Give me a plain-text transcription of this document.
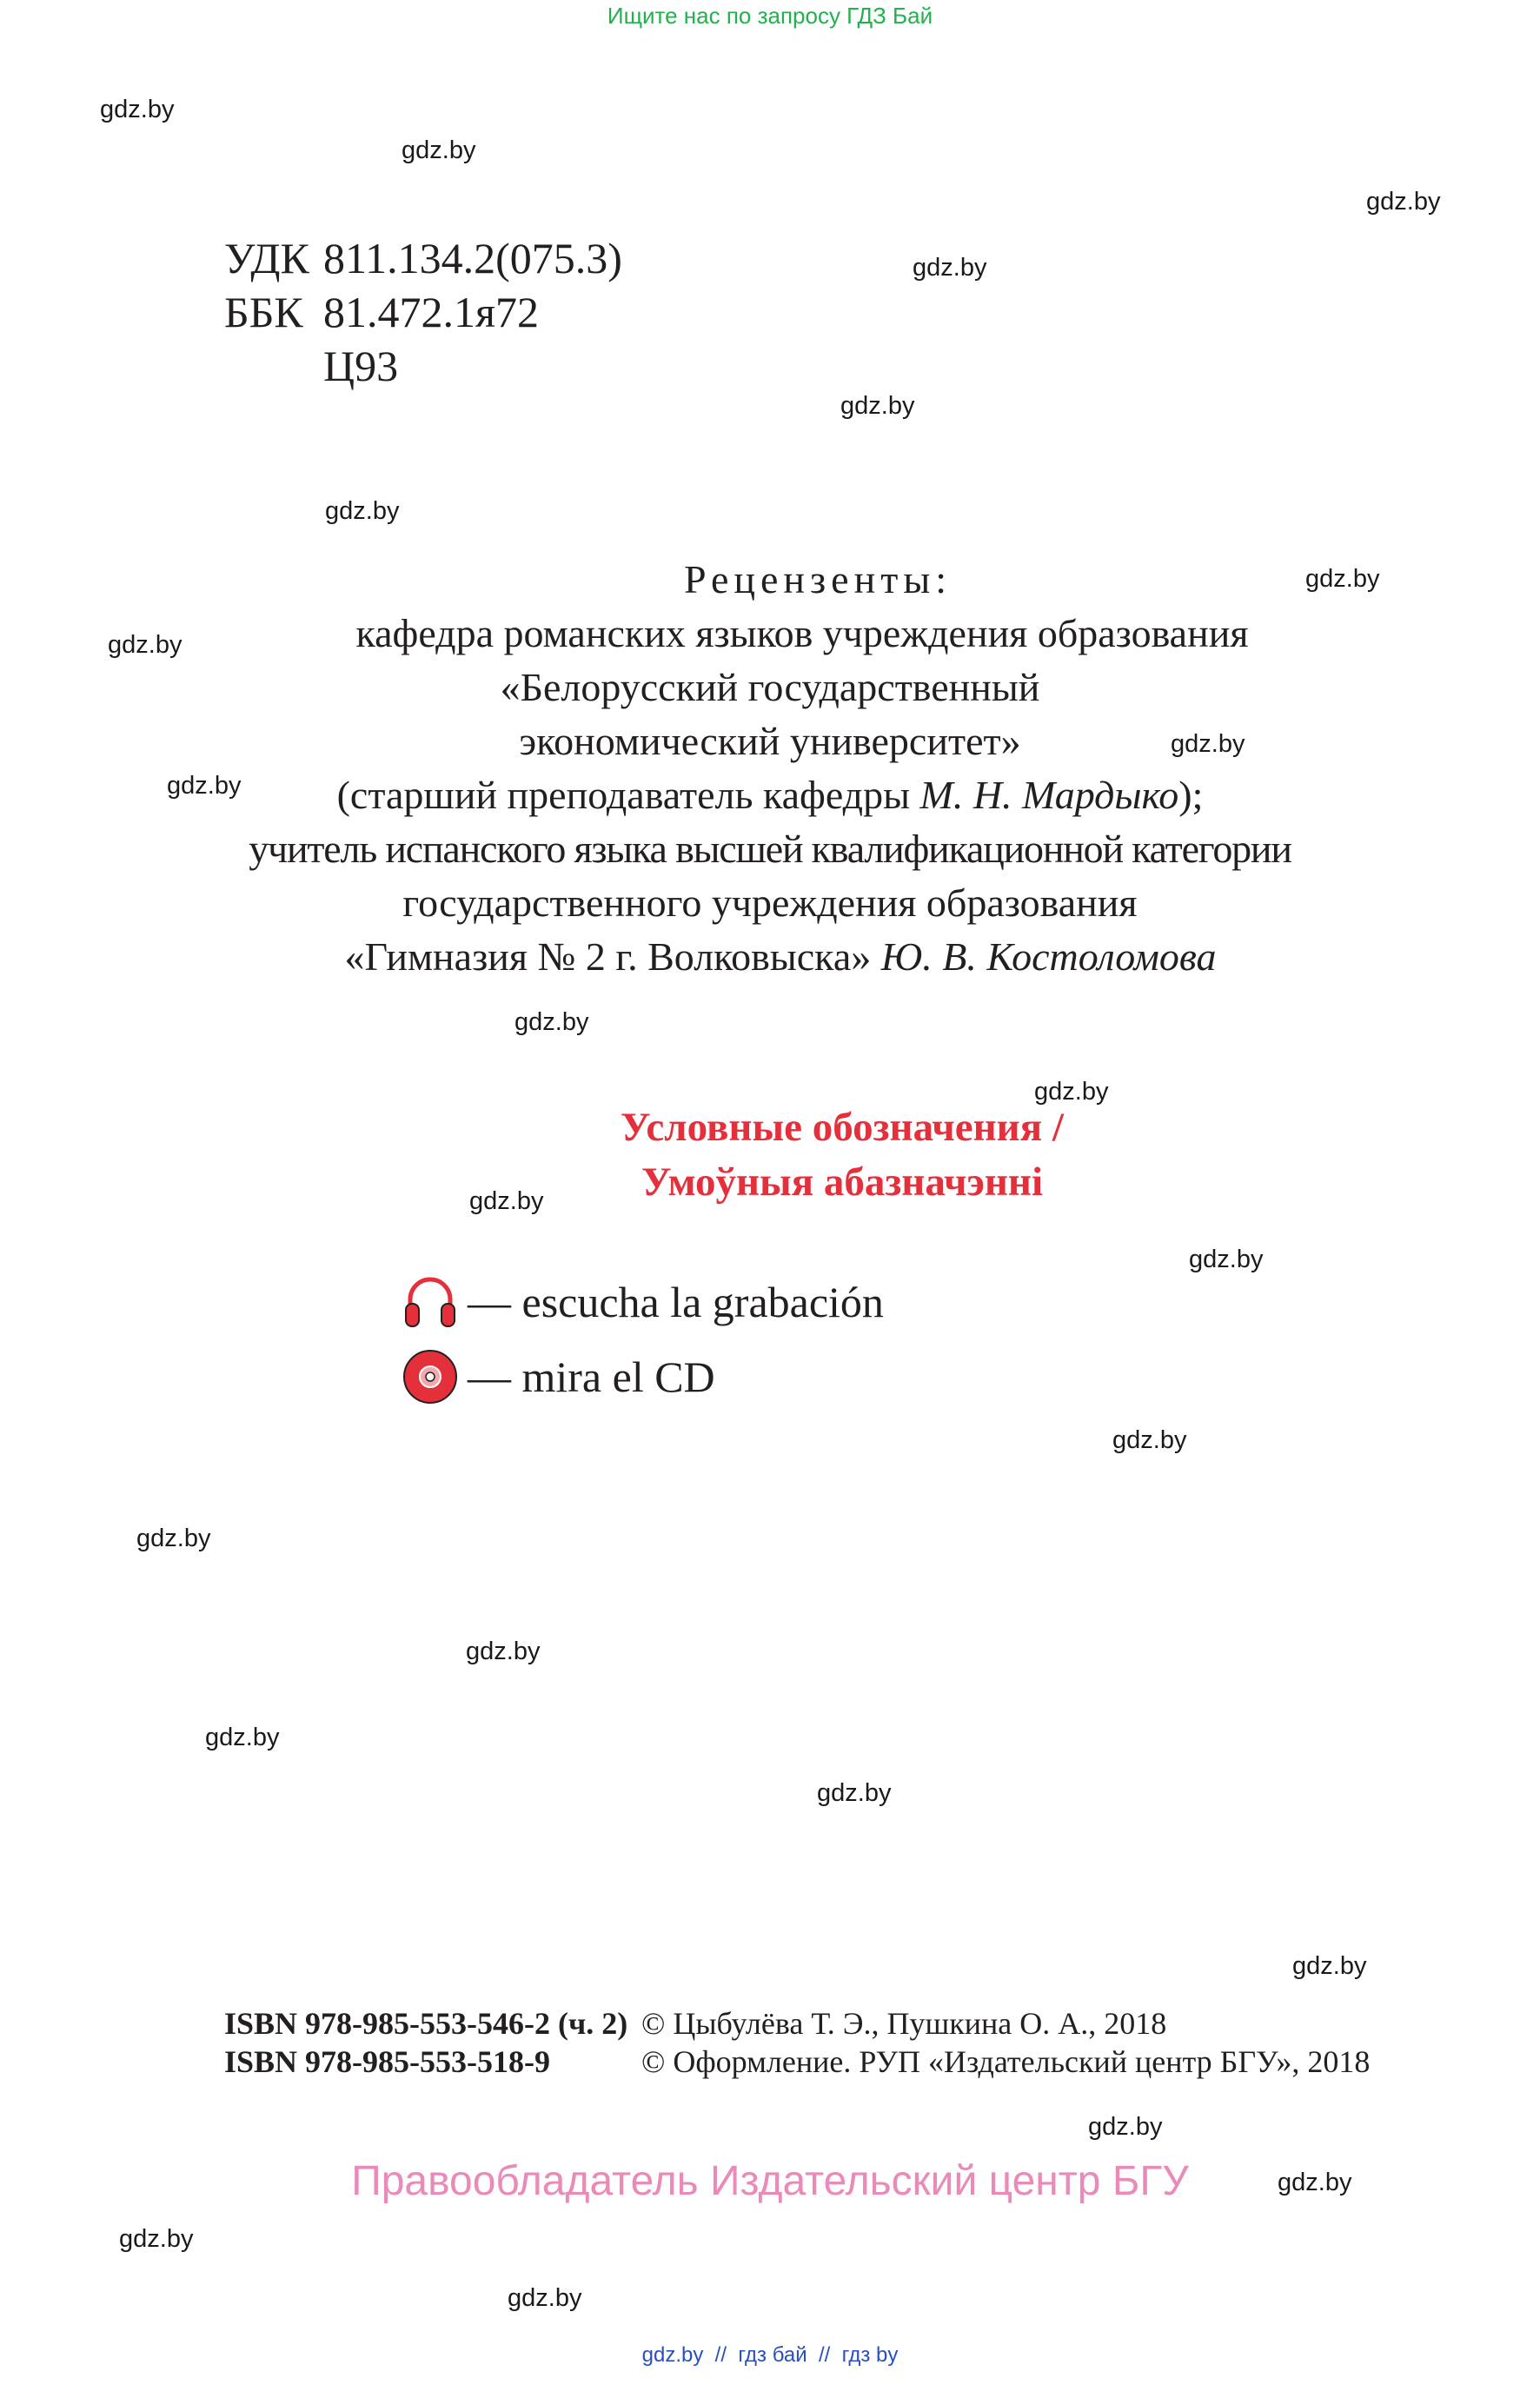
Ищите нас по запросу ГДЗ Бай
gdz.by
gdz.by
gdz.by
gdz.by
gdz.by
gdz.by
gdz.by
gdz.by
gdz.by
gdz.by
gdz.by
gdz.by
gdz.by
gdz.by
gdz.by
gdz.by
gdz.by
gdz.by
gdz.by
gdz.by
gdz.by
gdz.by
gdz.by
gdz.by
УДК 811.134.2(075.3)
ББК 81.472.1я72
Ц93
Рецензенты:
кафедра романских языков учреждения образования
«Белорусский государственный
экономический университет»
(старший преподаватель кафедры М. Н. Мардыко);
учитель испанского языка высшей квалификационной категории
государственного учреждения образования
«Гимназия № 2 г. Волковыска» Ю. В. Костоломова
Условные обозначения /
Умоўныя абазначэнні
— escucha la grabación
— mira el CD
ISBN 978-985-553-546-2 (ч. 2) © Цыбулёва Т. Э., Пушкина О. А., 2018
ISBN 978-985-553-518-9	© Оформление. РУП «Издательский центр БГУ», 2018
Правообладатель Издательский центр БГУ
gdz.by  //  гдз бай  //  гдз by
